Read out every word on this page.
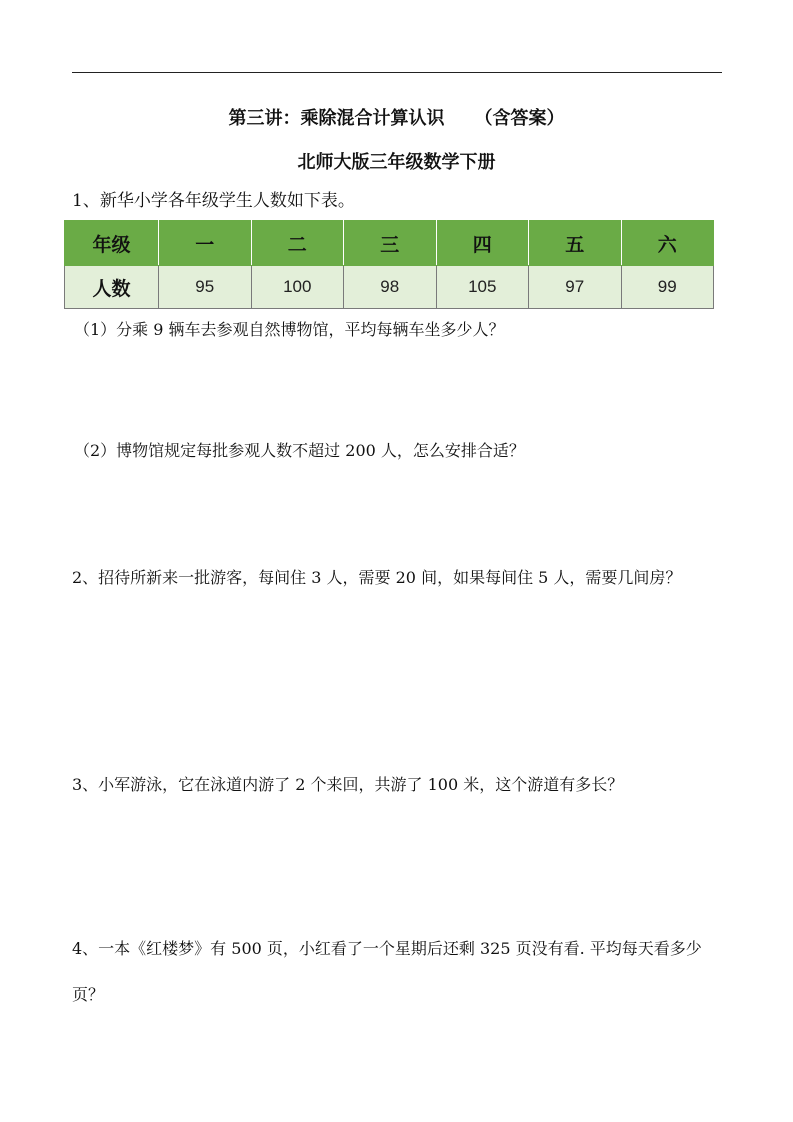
第三讲：乘除混合计算认识 （含答案）
北师大版三年级数学下册
1、新华小学各年级学生人数如下表。
年级	一	二	三	四	五	六
人数	95	100	98	105	97	99
（1）分乘 9 辆车去参观自然博物馆，平均每辆车坐多少人？
（2）博物馆规定每批参观人数不超过 200 人，怎么安排合适？
2、招待所新来一批游客，每间住 3 人，需要 20 间，如果每间住 5 人，需要几间房？
3、小军游泳，它在泳道内游了 2 个来回，共游了 100 米，这个游道有多长？
4、一本《红楼梦》有 500 页，小红看了一个星期后还剩 325 页没有看. 平均每天看多少页？
